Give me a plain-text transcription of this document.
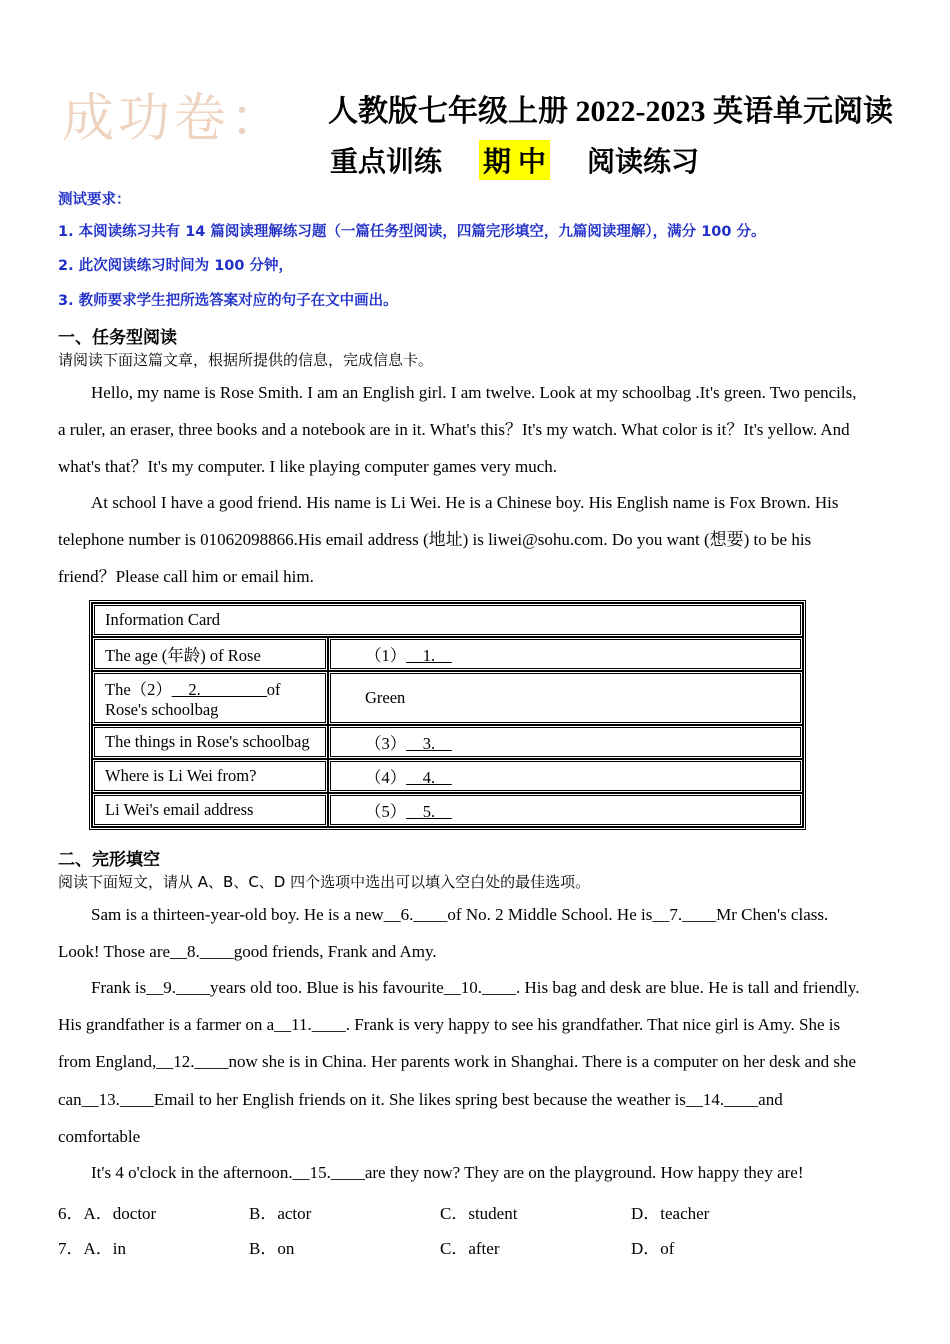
成功卷： 人教版七年级上册 2022-2023 英语单元阅读
重点训练 期 中 阅读练习
测试要求：
1. 本阅读练习共有 14 篇阅读理解练习题（一篇任务型阅读，四篇完形填空，九篇阅读理解），满分 100 分。
2. 此次阅读练习时间为 100 分钟，
3. 教师要求学生把所选答案对应的句子在文中画出。
一、任务型阅读
请阅读下面这篇文章，根据所提供的信息，完成信息卡。
Hello, my name is Rose Smith. I am an English girl. I am twelve. Look at my schoolbag .It's green. Two pencils,
a ruler, an eraser, three books and a notebook are in it. What's this？It's my watch. What color is it？It's yellow. And
what's that？It's my computer. I like playing computer games very much.
At school I have a good friend. His name is Li Wei. He is a Chinese boy. His English name is Fox Brown. His
telephone number is 01062098866.His email address (地址) is liwei@sohu.com. Do you want (想要) to be his
friend？Please call him or email him.
Information Card	
The age (年龄) of Rose	（1）__1.__
The（2）__2.________of
Rose's schoolbag	Green
The things in Rose's schoolbag	（3）__3.__
Where is Li Wei from?	（4）__4.__
Li Wei's email address	（5）__5.__
二、完形填空
阅读下面短文，请从 A、B、C、D 四个选项中选出可以填入空白处的最佳选项。
Sam is a thirteen-year-old boy. He is a new__6.____of No. 2 Middle School. He is__7.____Mr Chen's class.
Look! Those are__8.____good friends, Frank and Amy.
Frank is__9.____years old too. Blue is his favourite__10.____. His bag and desk are blue. He is tall and friendly.
His grandfather is a farmer on a__11.____. Frank is very happy to see his grandfather. That nice girl is Amy. She is
from England,__12.____now she is in China. Her parents work in Shanghai. There is a computer on her desk and she
can__13.____Email to her English friends on it. She likes spring best because the weather is__14.____and
comfortable
It's 4 o'clock in the afternoon.__15.____are they now? They are on the playground. How happy they are!
6．A．doctor	B．actor	C．student	D．teacher
7．A．in	B．on	C．after	D．of
